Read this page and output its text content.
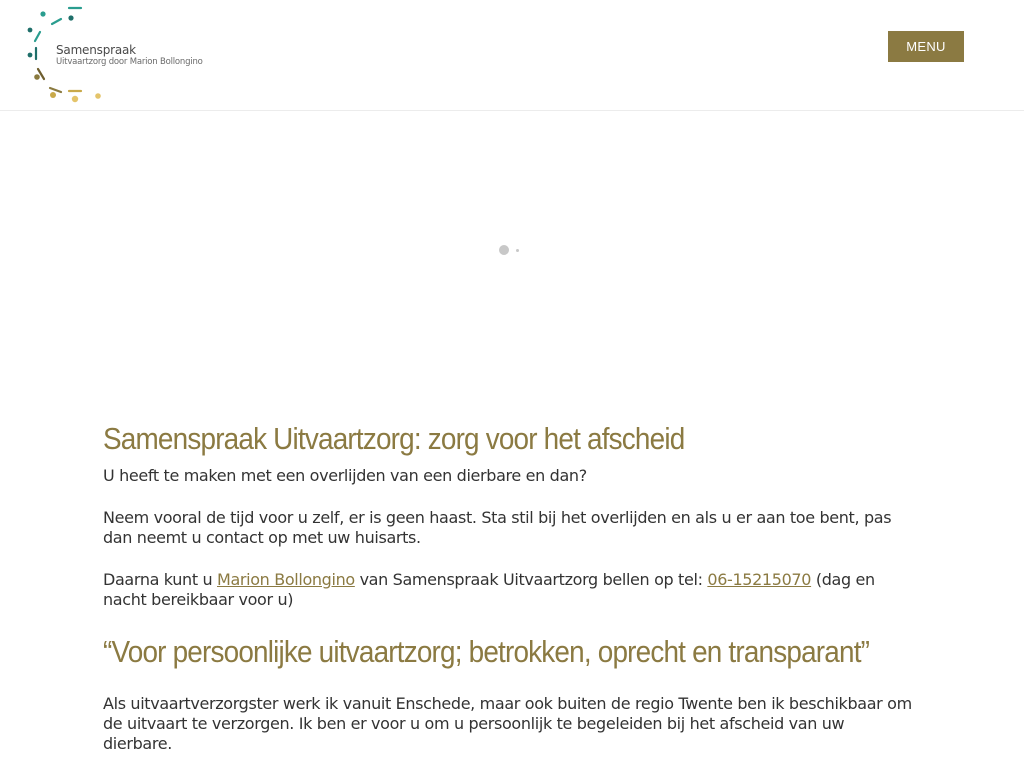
Samenspraak
Uitvaartzorg door Marion Bollongino
MENU
Samenspraak Uitvaartzorg: zorg voor het afscheid

U heeft te maken met een overlijden van een dierbare en dan?

Neem vooral de tijd voor u zelf, er is geen haast. Sta stil bij het overlijden en als u er aan toe bent, pas dan neemt u contact op met uw huisarts.

Daarna kunt u Marion Bollongino van Samenspraak Uitvaartzorg bellen op tel: 06-15215070 (dag en nacht bereikbaar voor u)

“Voor persoonlijke uitvaartzorg; betrokken, oprecht en transparant”

Als uitvaartverzorgster werk ik vanuit Enschede, maar ook buiten de regio Twente ben ik beschikbaar om de uitvaart te verzorgen. Ik ben er voor u om u persoonlijk te begeleiden bij het afscheid van uw dierbare.
